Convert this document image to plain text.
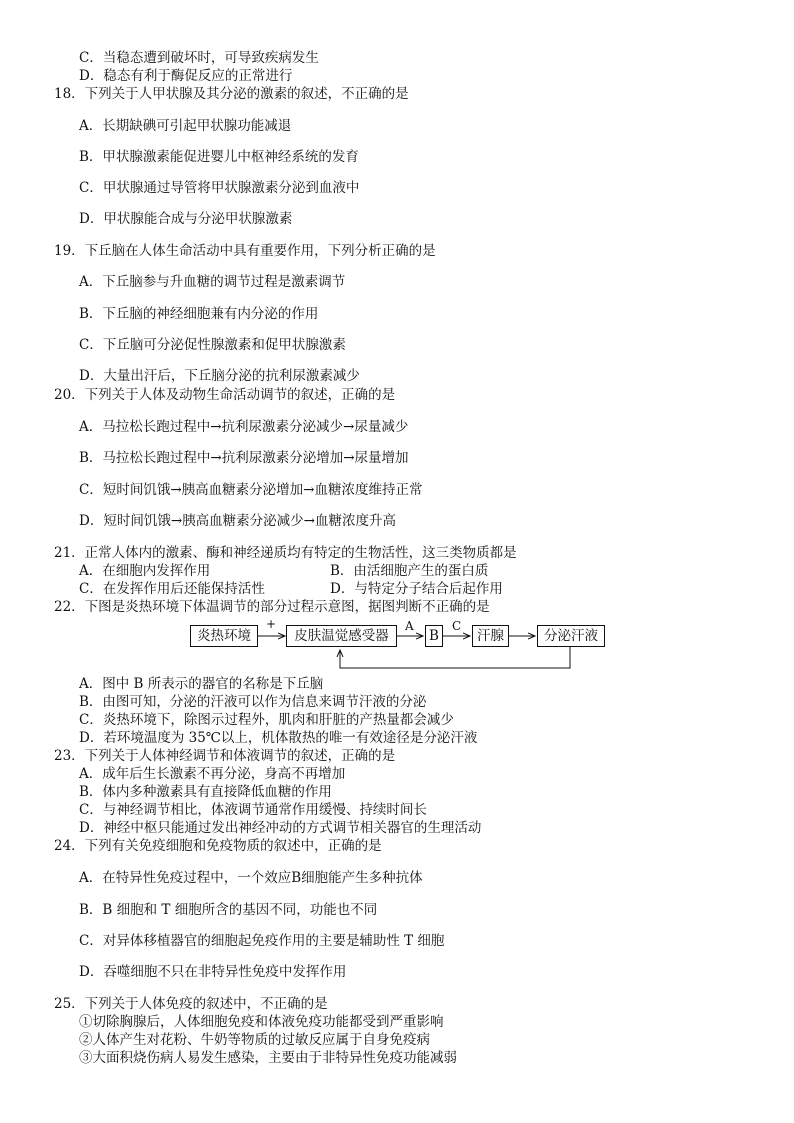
C．当稳态遭到破坏时，可导致疾病发生
D．稳态有利于酶促反应的正常进行
18．下列关于人甲状腺及其分泌的激素的叙述，不正确的是
A．长期缺碘可引起甲状腺功能减退
B．甲状腺激素能促进婴儿中枢神经系统的发育
C．甲状腺通过导管将甲状腺激素分泌到血液中
D．甲状腺能合成与分泌甲状腺激素
19．下丘脑在人体生命活动中具有重要作用，下列分析正确的是
A．下丘脑参与升血糖的调节过程是激素调节
B．下丘脑的神经细胞兼有内分泌的作用
C．下丘脑可分泌促性腺激素和促甲状腺激素
D．大量出汗后，下丘脑分泌的抗利尿激素减少
20．下列关于人体及动物生命活动调节的叙述，正确的是
A．马拉松长跑过程中→抗利尿激素分泌减少→尿量减少
B．马拉松长跑过程中→抗利尿激素分泌增加→尿量增加
C．短时间饥饿→胰高血糖素分泌增加→血糖浓度维持正常
D．短时间饥饿→胰高血糖素分泌减少→血糖浓度升高
21．正常人体内的激素、酶和神经递质均有特定的生物活性，这三类物质都是
A．在细胞内发挥作用	B．由活细胞产生的蛋白质
C．在发挥作用后还能保持活性	D．与特定分子结合后起作用
22．下图是炎热环境下体温调节的部分过程示意图，据图判断不正确的是
炎热环境	皮肤温觉感受器	B	汗腺	分泌汗液
+	A	C
A．图中 B 所表示的器官的名称是下丘脑
B．由图可知，分泌的汗液可以作为信息来调节汗液的分泌
C．炎热环境下，除图示过程外，肌肉和肝脏的产热量都会减少
D．若环境温度为 35℃以上，机体散热的唯一有效途径是分泌汗液
23．下列关于人体神经调节和体液调节的叙述，正确的是
A．成年后生长激素不再分泌，身高不再增加
B．体内多种激素具有直接降低血糖的作用
C．与神经调节相比，体液调节通常作用缓慢、持续时间长
D．神经中枢只能通过发出神经冲动的方式调节相关器官的生理活动
24．下列有关免疫细胞和免疫物质的叙述中，正确的是
A．在特异性免疫过程中，一个效应B细胞能产生多种抗体
B．B 细胞和 T 细胞所含的基因不同，功能也不同
C．对异体移植器官的细胞起免疫作用的主要是辅助性 T 细胞
D．吞噬细胞不只在非特异性免疫中发挥作用
25．下列关于人体免疫的叙述中，不正确的是
①切除胸腺后，人体细胞免疫和体液免疫功能都受到严重影响
②人体产生对花粉、牛奶等物质的过敏反应属于自身免疫病
③大面积烧伤病人易发生感染，主要由于非特异性免疫功能减弱
